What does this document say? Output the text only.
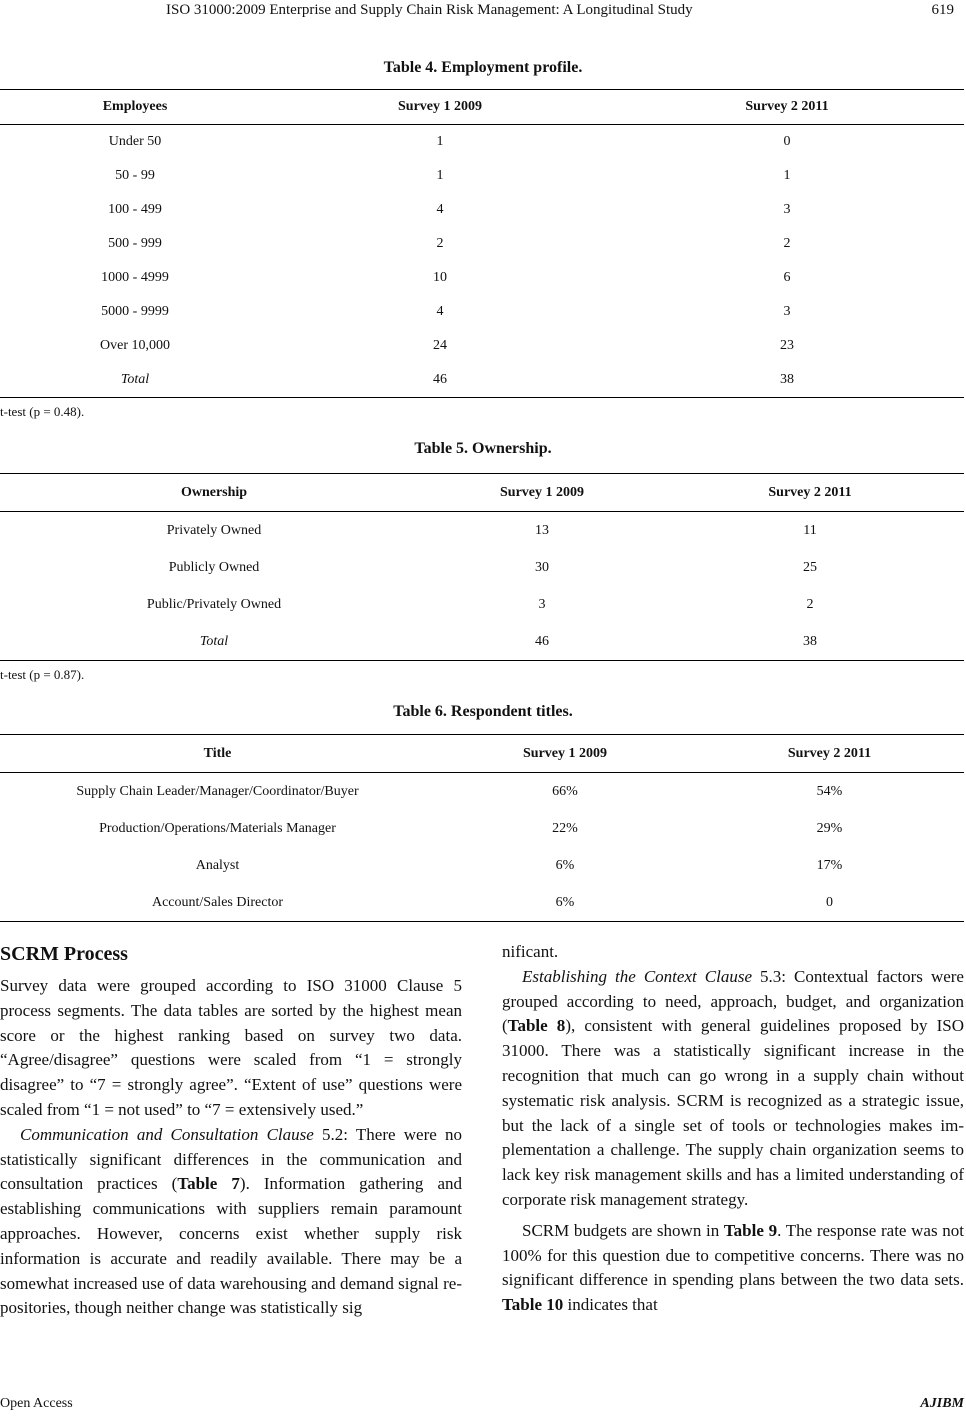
ISO 31000:2009 Enterprise and Supply Chain Risk Management: A Longitudinal Study	619
Table 4. Employment profile.
Employees	Survey 1 2009	Survey 2 2011
Under 50	1	0
50 - 99	1	1
100 - 499	4	3
500 - 999	2	2
1000 - 4999	10	6
5000 - 9999	4	3
Over 10,000	24	23
Total	46	38
t-test (p = 0.48).
Table 5. Ownership.
Ownership	Survey 1 2009	Survey 2 2011
Privately Owned	13	11
Publicly Owned	30	25
Public/Privately Owned	3	2
Total	46	38
t-test (p = 0.87).
Table 6. Respondent titles.
Title	Survey 1 2009	Survey 2 2011
Supply Chain Leader/Manager/Coordinator/Buyer	66%	54%
Production/Operations/Materials Manager	22%	29%
Analyst	6%	17%
Account/Sales Director	6%	0
SCRM Process

Survey data were grouped according to ISO 31000 Clause 5 process segments. The data tables are sorted by the highest mean score or the highest ranking based on survey two data. “Agree/disagree” questions were scaled from “1 = strongly disagree” to “7 = strongly agree”. “Extent of use” questions were scaled from “1 = not used” to “7 = extensively used.”

Communication and Consultation Clause 5.2: There were no statistically significant differences in the communication and consultation practices (Table 7). Information gathering and establishing communications with suppliers remain paramount approaches. However, concerns exist whether supply risk information is accurate and readily available. There may be a somewhat increased use of data warehousing and demand signal repositories, though neither change was statistically sig

nificant.

Establishing the Context Clause 5.3: Contextual factors were grouped according to need, approach, budget, and organization (Table 8), consistent with general guidelines proposed by ISO 31000. There was a statistically significant increase in the recognition that much can go wrong in a supply chain without systematic risk analysis. SCRM is recognized as a strategic issue, but the lack of a single set of tools or technologies makes implementation a challenge. The supply chain organization seems to lack key risk management skills and has a limited understanding of corporate risk management strategy.

SCRM budgets are shown in Table 9. The response rate was not 100% for this question due to competitive concerns. There was no significant difference in spending plans between the two data sets. Table 10 indicates that

Open Access	AJIBM
